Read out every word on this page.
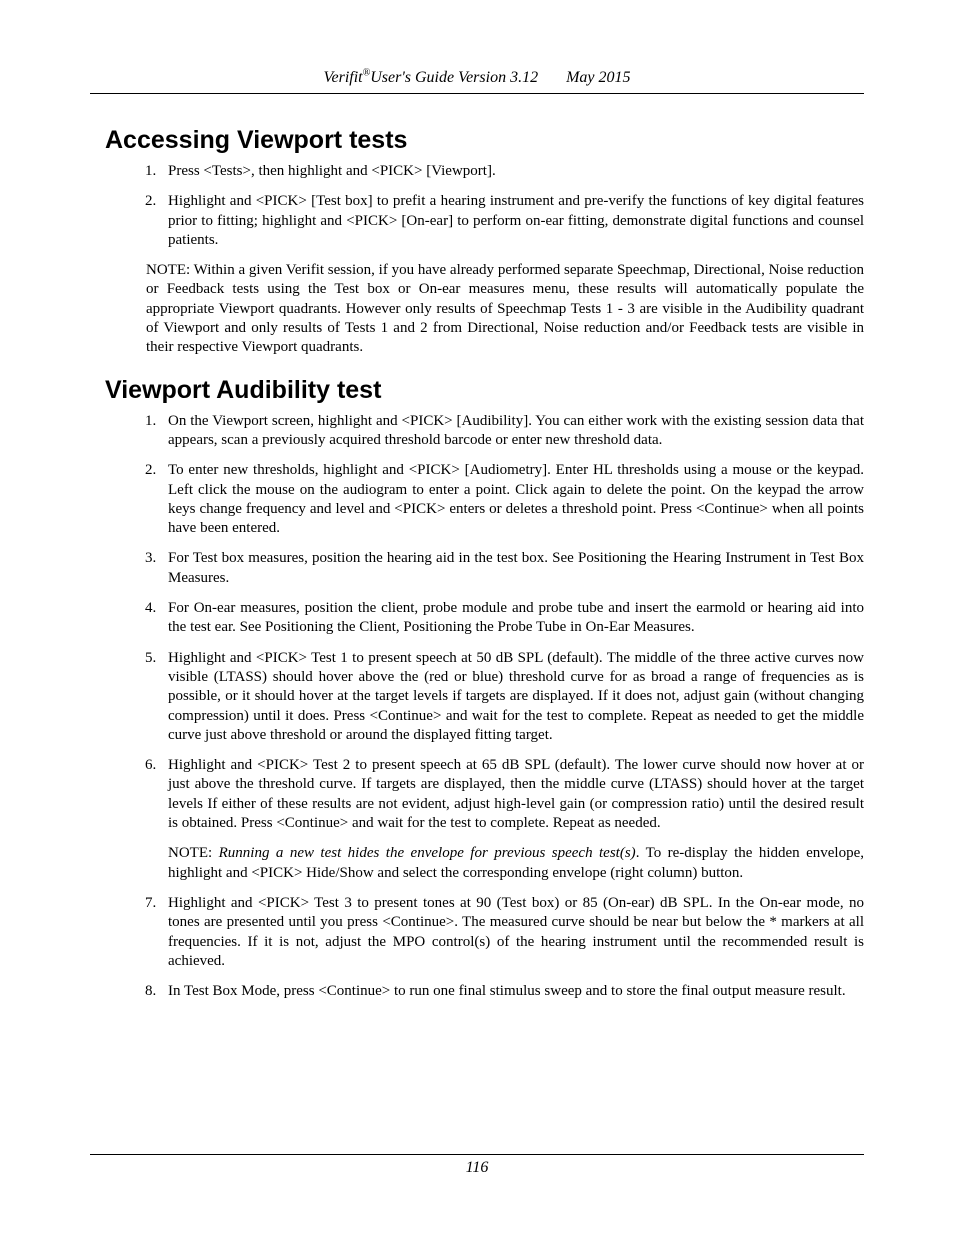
Verifit®User's Guide Version 3.12 May 2015
Accessing Viewport tests
1. Press <Tests>, then highlight and <PICK> [Viewport].
2. Highlight and <PICK> [Test box] to prefit a hearing instrument and pre-verify the functions of key digital features prior to fitting; highlight and <PICK> [On-ear] to perform on-ear fitting, demonstrate digital functions and counsel patients.

NOTE: Within a given Verifit session, if you have already performed separate Speechmap, Directional, Noise reduction or Feedback tests using the Test box or On-ear measures menu, these results will automatically populate the appropriate Viewport quadrants. However only results of Speechmap Tests 1 - 3 are visible in the Audibility quadrant of Viewport and only results of Tests 1 and 2 from Directional, Noise reduction and/or Feedback tests are visible in their respective Viewport quadrants.

Viewport Audibility test
1. On the Viewport screen, highlight and <PICK> [Audibility]. You can either work with the existing session data that appears, scan a previously acquired threshold barcode or enter new threshold data.
2. To enter new thresholds, highlight and <PICK> [Audiometry]. Enter HL thresholds using a mouse or the keypad. Left click the mouse on the audiogram to enter a point. Click again to delete the point. On the keypad the arrow keys change frequency and level and <PICK> enters or deletes a threshold point. Press <Continue> when all points have been entered.
3. For Test box measures, position the hearing aid in the test box. See Positioning the Hearing Instrument in Test Box Measures.
4. For On-ear measures, position the client, probe module and probe tube and insert the earmold or hearing aid into the test ear. See Positioning the Client, Positioning the Probe Tube in On-Ear Measures.
5. Highlight and <PICK> Test 1 to present speech at 50 dB SPL (default). The middle of the three active curves now visible (LTASS) should hover above the (red or blue) threshold curve for as broad a range of frequencies as is possible, or it should hover at the target levels if targets are displayed. If it does not, adjust gain (without changing compression) until it does. Press <Continue> and wait for the test to complete. Repeat as needed to get the middle curve just above threshold or around the displayed fitting target.
6. Highlight and <PICK> Test 2 to present speech at 65 dB SPL (default). The lower curve should now hover at or just above the threshold curve. If targets are displayed, then the middle curve (LTASS) should hover at the target levels If either of these results are not evident, adjust high-level gain (or compression ratio) until the desired result is obtained. Press <Continue> and wait for the test to complete. Repeat as needed.
NOTE: Running a new test hides the envelope for previous speech test(s). To re-display the hidden envelope, highlight and <PICK> Hide/Show and select the corresponding envelope (right column) button.
7. Highlight and <PICK> Test 3 to present tones at 90 (Test box) or 85 (On-ear) dB SPL. In the On-ear mode, no tones are presented until you press <Continue>. The measured curve should be near but below the * markers at all frequencies. If it is not, adjust the MPO control(s) of the hearing instrument until the recommended result is achieved.
8. In Test Box Mode, press <Continue> to run one final stimulus sweep and to store the final output measure result.
116
